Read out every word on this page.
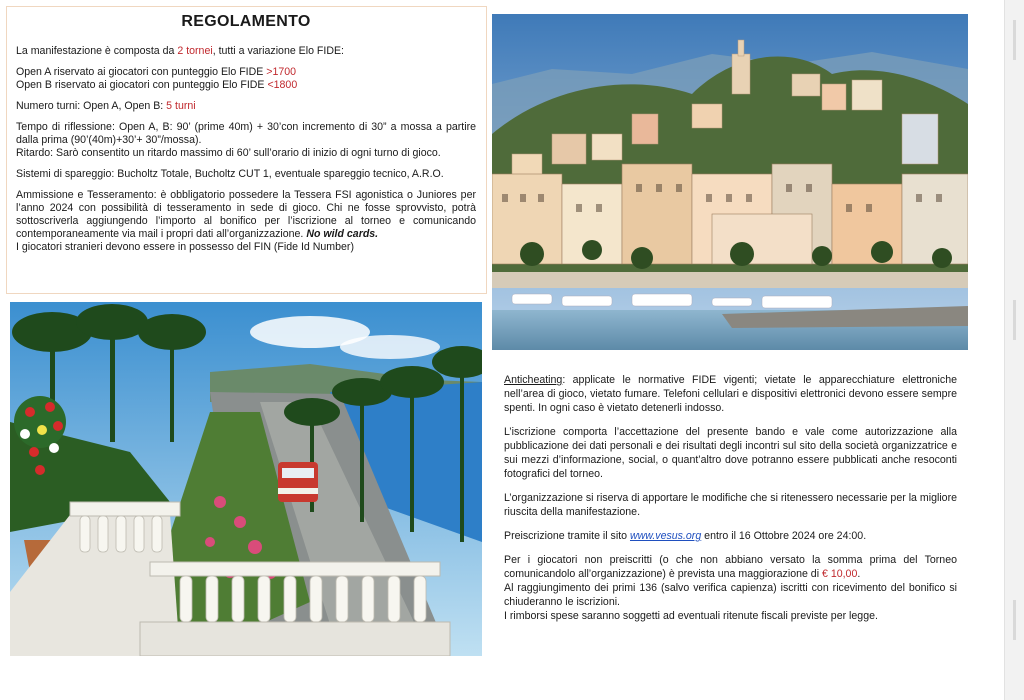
REGOLAMENTO

La manifestazione è composta da 2 tornei, tutti a variazione Elo FIDE:

Open A riservato ai giocatori con punteggio Elo FIDE >1700

Open B riservato ai giocatori con punteggio Elo FIDE <1800

Numero turni: Open A, Open B: 5 turni

Tempo di riflessione: Open A, B: 90’ (prime 40m) + 30’con incremento di 30” a mossa a partire dalla prima (90’(40m)+30’+ 30”/mossa).

Ritardo: Sarò consentito un ritardo massimo di 60’ sull’orario di inizio di ogni turno di gioco.

Sistemi di spareggio: Bucholtz Totale, Bucholtz CUT 1, eventuale spareggio tecnico, A.R.O.

Ammissione e Tesseramento: è obbligatorio possedere la Tessera FSI agonistica o Juniores per l’anno 2024 con possibilità di tesseramento in sede di gioco. Chi ne fosse sprovvisto, potrà sottoscriverla aggiungendo l’importo al bonifico per l’iscrizione al torneo e comunicando contemporaneamente via mail i propri dati all’organizzazione. No wild cards.

I giocatori stranieri devono essere in possesso del FIN (Fide Id Number)

Anticheating: applicate le normative FIDE vigenti; vietate le apparecchiature elettroniche nell’area di gioco, vietato fumare. Telefoni cellulari e dispositivi elettronici devono essere sempre spenti. In ogni caso è vietato detenerli indosso.

L’iscrizione comporta l’accettazione del presente bando e vale come autorizzazione alla pubblicazione dei dati personali e dei risultati degli incontri sul sito della società organizzatrice e sui mezzi d’informazione, social, o quant’altro dove potranno essere pubblicati anche resoconti fotografici del torneo.

L’organizzazione si riserva di apportare le modifiche che si ritenessero necessarie per la migliore riuscita della manifestazione.

Preiscrizione tramite il sito www.vesus.org entro il 16 Ottobre 2024 ore 24:00.

Per i giocatori non preiscritti (o che non abbiano versato la somma prima del Torneo comunicandolo all’organizzazione) è prevista una maggiorazione di € 10,00.

Al raggiungimento dei primi 136 (salvo verifica capienza) iscritti con ricevimento del bonifico si chiuderanno le iscrizioni.

I rimborsi spese saranno soggetti ad eventuali ritenute fiscali previste per legge.
